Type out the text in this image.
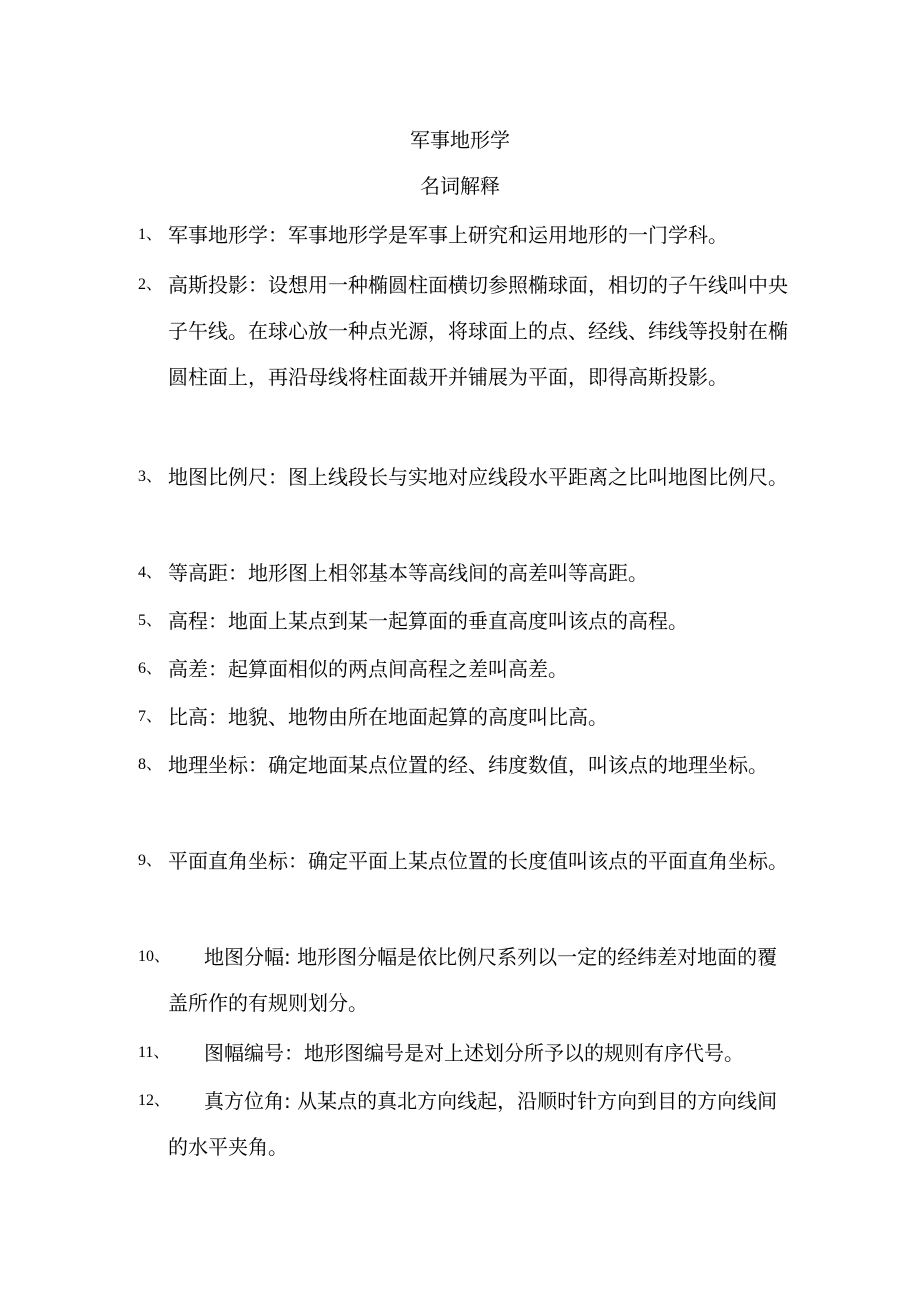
军事地形学
名词解释
1、 军事地形学：军事地形学是军事上研究和运用地形的一门学科。
2、 高斯投影：设想用一种椭圆柱面横切参照椭球面，相切的子午线叫中央子午线。在球心放一种点光源，将球面上的点、经线、纬线等投射在椭圆柱面上，再沿母线将柱面裁开并铺展为平面，即得高斯投影。
3、 地图比例尺：图上线段长与实地对应线段水平距离之比叫地图比例尺。
4、 等高距：地形图上相邻基本等高线间的高差叫等高距。
5、 高程：地面上某点到某一起算面的垂直高度叫该点的高程。
6、 高差：起算面相似的两点间高程之差叫高差。
7、 比高：地貌、地物由所在地面起算的高度叫比高。
8、 地理坐标：确定地面某点位置的经、纬度数值，叫该点的地理坐标。
9、 平面直角坐标：确定平面上某点位置的长度值叫该点的平面直角坐标。
10、	地图分幅: 地形图分幅是依比例尺系列以一定的经纬差对地面的覆盖所作的有规则划分。
11、	图幅编号：地形图编号是对上述划分所予以的规则有序代号。
12、	真方位角: 从某点的真北方向线起，沿顺时针方向到目的方向线间的水平夹角。
